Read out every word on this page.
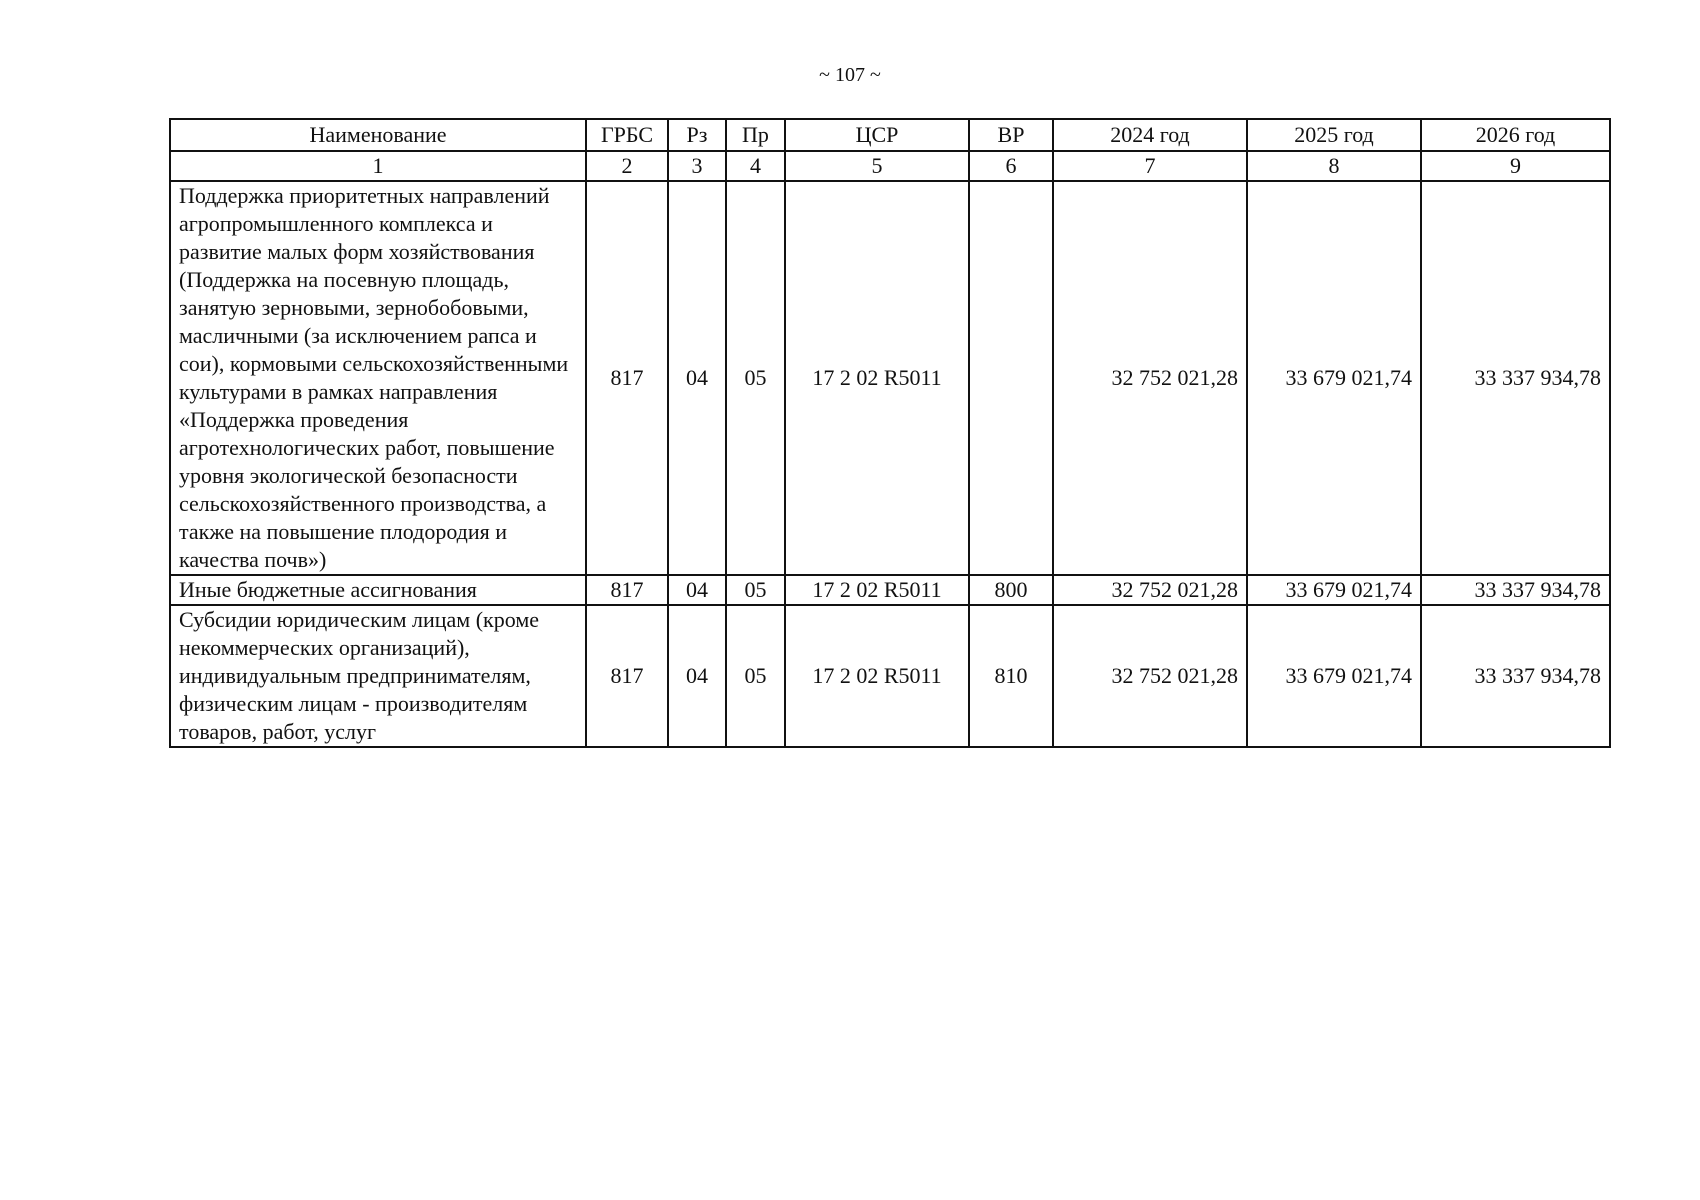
~ 107 ~
Наименование	ГРБС	Рз	Пр	ЦСР	ВР	2024 год	2025 год	2026 год
1	2	3	4	5	6	7	8	9
Поддержка приоритетных направлений агропромышленного комплекса и развитие малых форм хозяйствования (Поддержка на посевную площадь, занятую зерновыми, зернобобовыми, масличными (за исключением рапса и сои), кормовыми сельскохозяйственными культурами в рамках направления «Поддержка проведения агротехнологических работ, повышение уровня экологической безопасности сельскохозяйственного производства, а также на повышение плодородия и качества почв»)	817	04	05	17 2 02 R5011		32 752 021,28	33 679 021,74	33 337 934,78
Иные бюджетные ассигнования	817	04	05	17 2 02 R5011	800	32 752 021,28	33 679 021,74	33 337 934,78
Субсидии юридическим лицам (кроме некоммерческих организаций), индивидуальным предпринимателям, физическим лицам - производителям товаров, работ, услуг	817	04	05	17 2 02 R5011	810	32 752 021,28	33 679 021,74	33 337 934,78
